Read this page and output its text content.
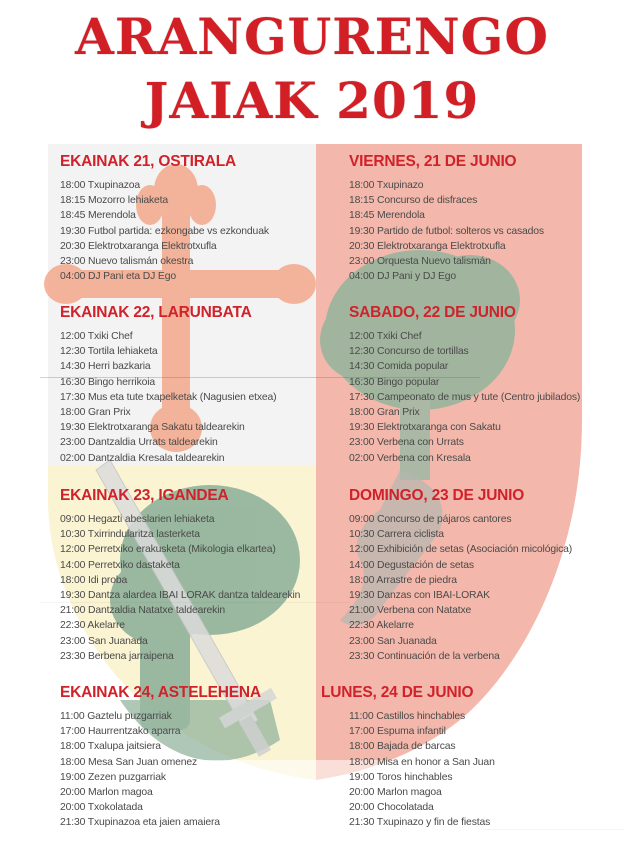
ARANGURENGO
JAIAK 2019
EKAINAK 21, OSTIRALA
18:00 Txupinazoa
18:15 Mozorro lehiaketa
18:45 Merendola
19:30 Futbol partida: ezkongabe vs ezkonduak
20:30 Elektrotxaranga Elektrotxufla
23:00 Nuevo talismán okestra
04:00 DJ Pani eta DJ Ego
VIERNES, 21 DE JUNIO
18:00 Txupinazo
18:15 Concurso de disfraces
18:45 Merendola
19:30 Partido de futbol: solteros vs casados
20:30 Elektrotxaranga Elektrotxufla
23:00 Orquesta Nuevo talismán
04:00 DJ Pani y DJ Ego
EKAINAK 22, LARUNBATA
12:00 Txiki Chef
12:30 Tortila lehiaketa
14:30 Herri bazkaria
16:30 Bingo herrikoia
17:30 Mus eta tute txapelketak (Nagusien etxea)
18:00 Gran Prix
19:30 Elektrotxaranga Sakatu taldearekin
23:00 Dantzaldia Urrats taldearekin
02:00 Dantzaldia Kresala taldearekin
SABADO, 22 DE JUNIO
12:00 Txiki Chef
12:30 Concurso de tortillas
14:30 Comida popular
16:30 Bingo popular
17:30 Campeonato de mus y tute (Centro jubilados)
18:00 Gran Prix
19:30 Elektrotxaranga con Sakatu
23:00 Verbena con Urrats
02:00 Verbena con Kresala
EKAINAK 23, IGANDEA
09:00 Hegazti abeslarien lehiaketa
10:30 Txirrindularitza lasterketa
12:00 Perretxiko erakusketa (Mikologia elkartea)
14:00 Perretxiko dastaketa
18:00 Idi proba
19:30 Dantza alardea IBAI LORAK dantza taldearekin
21:00 Dantzaldia Natatxe taldearekin
22:30 Akelarre
23:00 San Juanada
23:30 Berbena jarraipena
DOMINGO, 23 DE JUNIO
09:00 Concurso de pájaros cantores
10:30 Carrera ciclista
12:00 Exhibición de setas (Asociación micológica)
14:00 Degustación de setas
18:00 Arrastre de piedra
19:30 Danzas con IBAI-LORAK
21:00 Verbena con Natatxe
22:30 Akelarre
23:00 San Juanada
23:30 Continuación de la verbena
EKAINAK 24, ASTELEHENA
11:00 Gaztelu puzgarriak
17:00 Haurrentzako aparra
18:00 Txalupa jaitsiera
18:00 Mesa San Juan omenez
19:00 Zezen puzgarriak
20:00 Marlon magoa
20:00 Txokolatada
21:30 Txupinazoa eta jaien amaiera
LUNES, 24 DE JUNIO
11:00 Castillos hinchables
17:00 Espuma infantil
18:00 Bajada de barcas
18:00 Misa en honor a San Juan
19:00 Toros hinchables
20:00 Marlon magoa
20:00 Chocolatada
21:30 Txupinazo y fin de fiestas
